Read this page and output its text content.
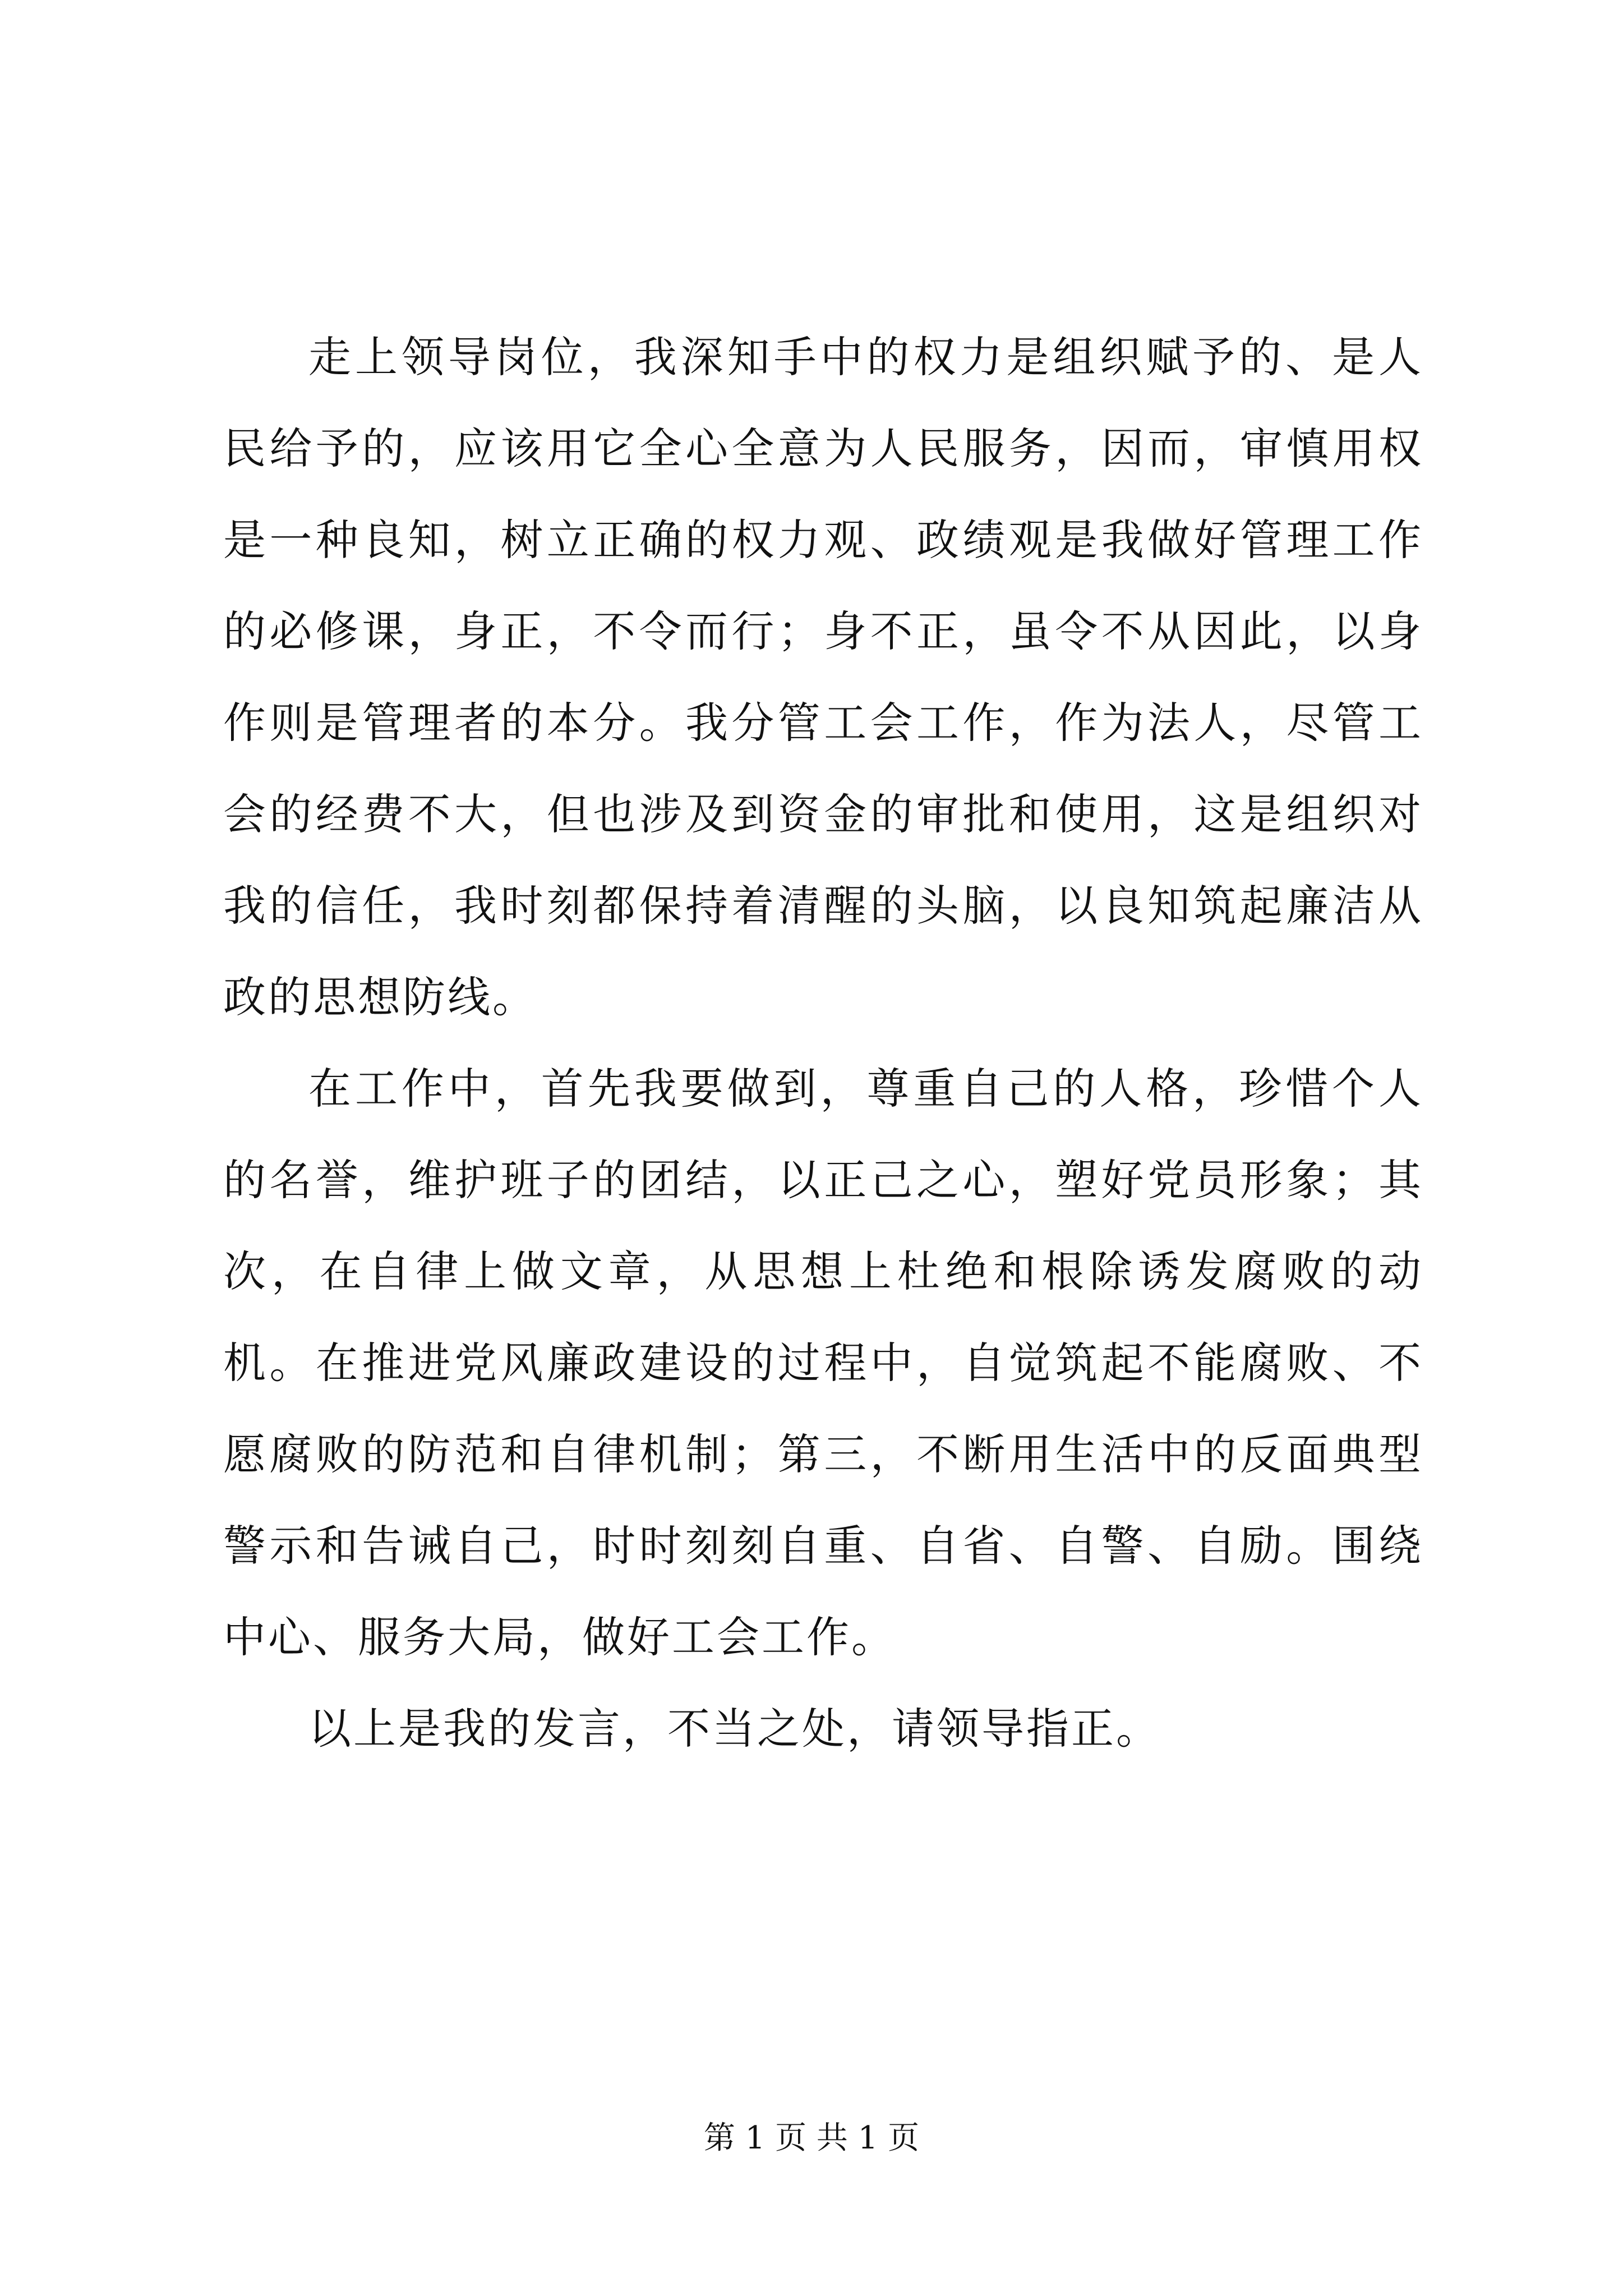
走上领导岗位，我深知手中的权力是组织赋予的、是人民给予的，应该用它全心全意为人民服务，因而，审慎用权是一种良知，树立正确的权力观、政绩观是我做好管理工作的必修课，身正，不令而行；身不正，虽令不从因此，以身作则是管理者的本分。我分管工会工作，作为法人，尽管工会的经费不大，但也涉及到资金的审批和使用，这是组织对我的信任，我时刻都保持着清醒的头脑，以良知筑起廉洁从政的思想防线。

在工作中，首先我要做到，尊重自己的人格，珍惜个人的名誉，维护班子的团结，以正己之心，塑好党员形象；其次，在自律上做文章，从思想上杜绝和根除诱发腐败的动机。在推进党风廉政建设的过程中，自觉筑起不能腐败、不愿腐败的防范和自律机制；第三，不断用生活中的反面典型警示和告诫自己，时时刻刻自重、自省、自警、自励。围绕中心、服务大局，做好工会工作。

以上是我的发言，不当之处，请领导指正。

第 1 页 共 1 页
